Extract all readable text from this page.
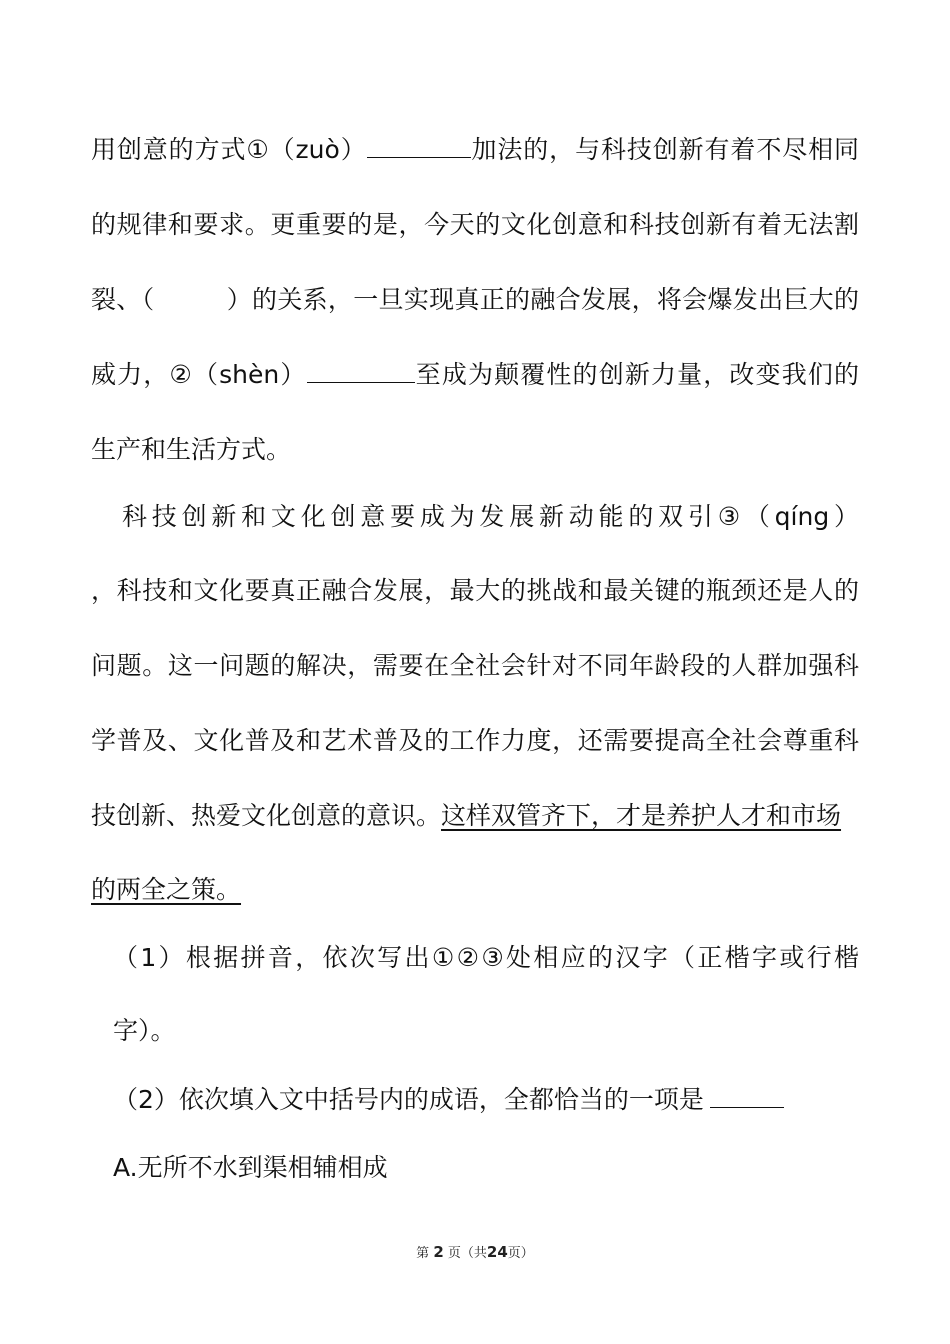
用创意的方式①（zuò）	加法的，与科技创新有着不尽相同
的规律和要求。更重要的是，今天的文化创意和科技创新有着无法割
裂、（	）的关系，一旦实现真正的融合发展，将会爆发出巨大的
威力，②（shèn）	至成为颠覆性的创新力量，改变我们的
生产和生活方式。
科技创新和文化创意要成为发展新动能的双引③（qíng）
，科技和文化要真正融合发展，最大的挑战和最关键的瓶颈还是人的
问题。这一问题的解决，需要在全社会针对不同年龄段的人群加强科
学普及、文化普及和艺术普及的工作力度，还需要提高全社会尊重科
技创新、热爱文化创意的意识。这样双管齐下，才是养护人才和市场
的两全之策。
（1）根据拼音，依次写出①②③处相应的汉字（正楷字或行楷
字）。
（2）依次填入文中括号内的成语，全都恰当的一项是
A.无所不水到渠相辅相成
第 2 页（共24页）
